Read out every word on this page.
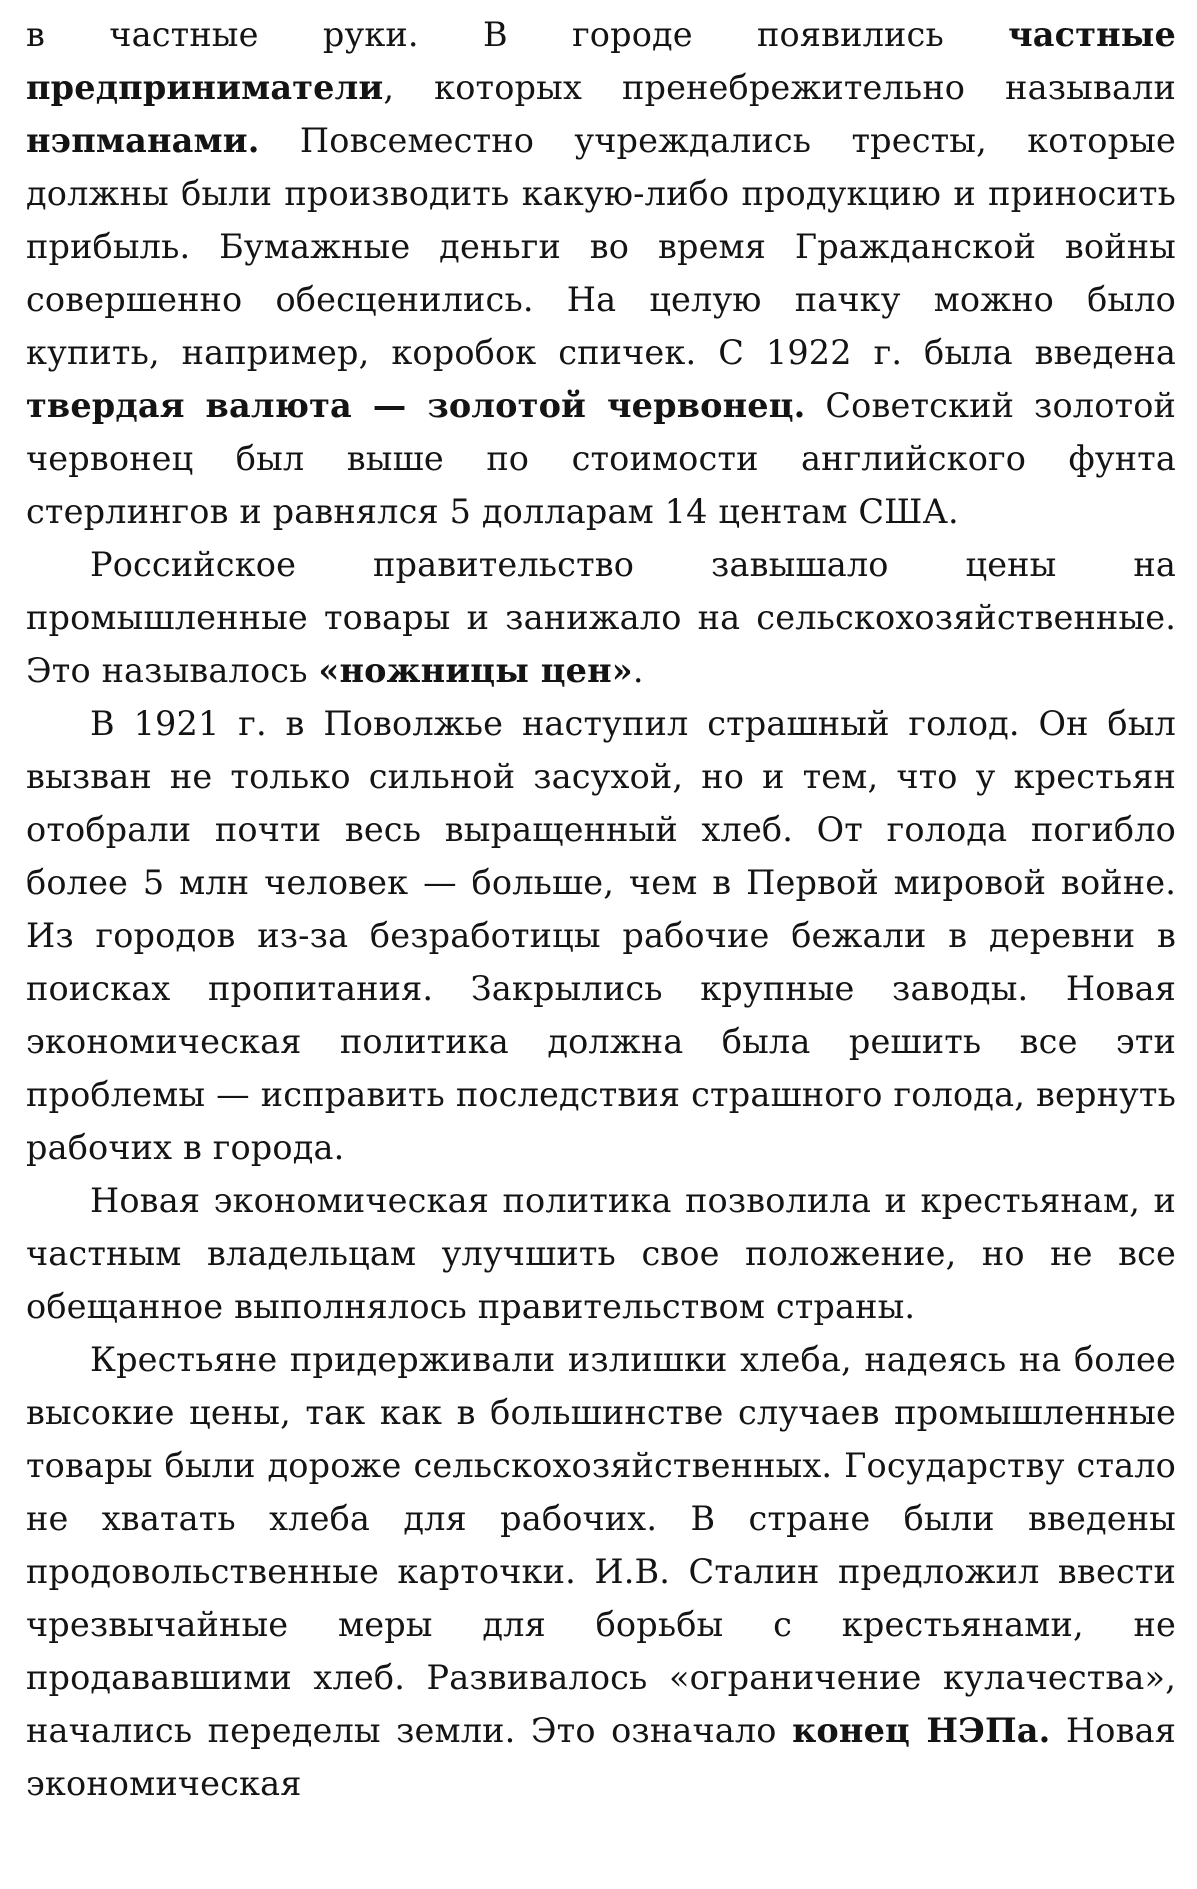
в частные руки. В городе появились частные предприниматели, которых пренебрежительно называли нэпманами. Повсеместно учреждались тресты, которые должны были производить какую-либо продукцию и приносить прибыль. Бумажные деньги во время Гражданской войны совершенно обесценились. На целую пачку можно было купить, например, коробок спичек. С 1922 г. была введена твердая валюта — золотой червонец. Советский золотой червонец был выше по стоимости английского фунта стерлингов и равнялся 5 долларам 14 центам США.

Российское правительство завышало цены на промышленные товары и занижало на сельскохозяйственные. Это называлось «ножницы цен».

В 1921 г. в Поволжье наступил страшный голод. Он был вызван не только сильной засухой, но и тем, что у крестьян отобрали почти весь выращенный хлеб. От голода погибло более 5 млн человек — больше, чем в Первой мировой войне. Из городов из-за безработицы рабочие бежали в деревни в поисках пропитания. Закрылись крупные заводы. Новая экономическая политика должна была решить все эти проблемы — исправить последствия страшного голода, вернуть рабочих в города.

Новая экономическая политика позволила и крестьянам, и частным владельцам улучшить свое положение, но не все обещанное выполнялось правительством страны.

Крестьяне придерживали излишки хлеба, надеясь на более высокие цены, так как в большинстве случаев промышленные товары были дороже сельскохозяйственных. Государству стало не хватать хлеба для рабочих. В стране были введены продовольственные карточки. И.В. Сталин предложил ввести чрезвычайные меры для борьбы с крестьянами, не продававшими хлеб. Развивалось «ограничение кулачества», начались переделы земли. Это означало конец НЭПа. Новая экономическая
